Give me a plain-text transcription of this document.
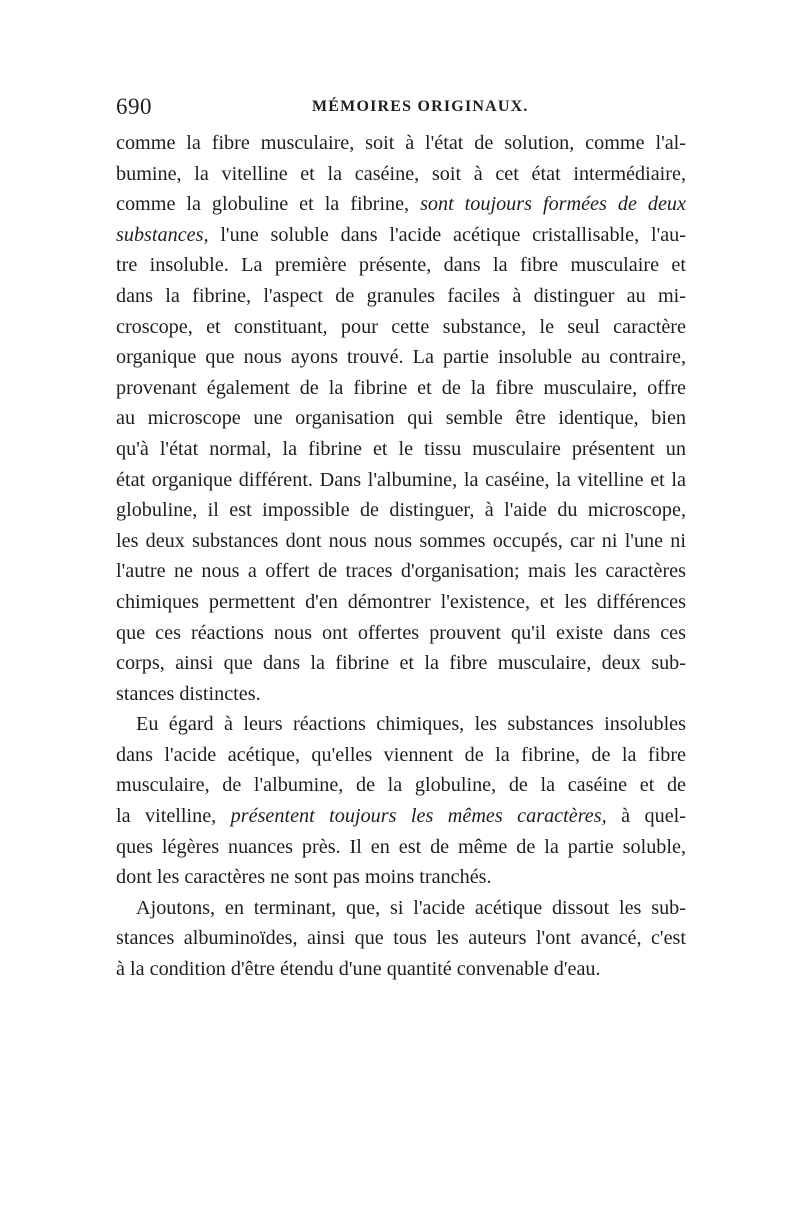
690	MÉMOIRES ORIGINAUX.
comme la fibre musculaire, soit à l'état de solution, comme l'al-
bumine, la vitelline et la caséine, soit à cet état intermédiaire,
comme la globuline et la fibrine, sont toujours formées de deux
substances, l'une soluble dans l'acide acétique cristallisable, l'au-
tre insoluble. La première présente, dans la fibre musculaire et
dans la fibrine, l'aspect de granules faciles à distinguer au mi-
croscope, et constituant, pour cette substance, le seul caractère
organique que nous ayons trouvé. La partie insoluble au contraire,
provenant également de la fibrine et de la fibre musculaire, offre
au microscope une organisation qui semble être identique, bien
qu'à l'état normal, la fibrine et le tissu musculaire présentent un
état organique différent. Dans l'albumine, la caséine, la vitelline et la
globuline, il est impossible de distinguer, à l'aide du microscope,
les deux substances dont nous nous sommes occupés, car ni l'une ni
l'autre ne nous a offert de traces d'organisation; mais les caractères
chimiques permettent d'en démontrer l'existence, et les différences
que ces réactions nous ont offertes prouvent qu'il existe dans ces
corps, ainsi que dans la fibrine et la fibre musculaire, deux sub-
stances distinctes.
Eu égard à leurs réactions chimiques, les substances insolubles
dans l'acide acétique, qu'elles viennent de la fibrine, de la fibre
musculaire, de l'albumine, de la globuline, de la caséine et de
la vitelline, présentent toujours les mêmes caractères, à quel-
ques légères nuances près. Il en est de même de la partie soluble,
dont les caractères ne sont pas moins tranchés.
Ajoutons, en terminant, que, si l'acide acétique dissout les sub-
stances albuminoïdes, ainsi que tous les auteurs l'ont avancé, c'est
à la condition d'être étendu d'une quantité convenable d'eau.
